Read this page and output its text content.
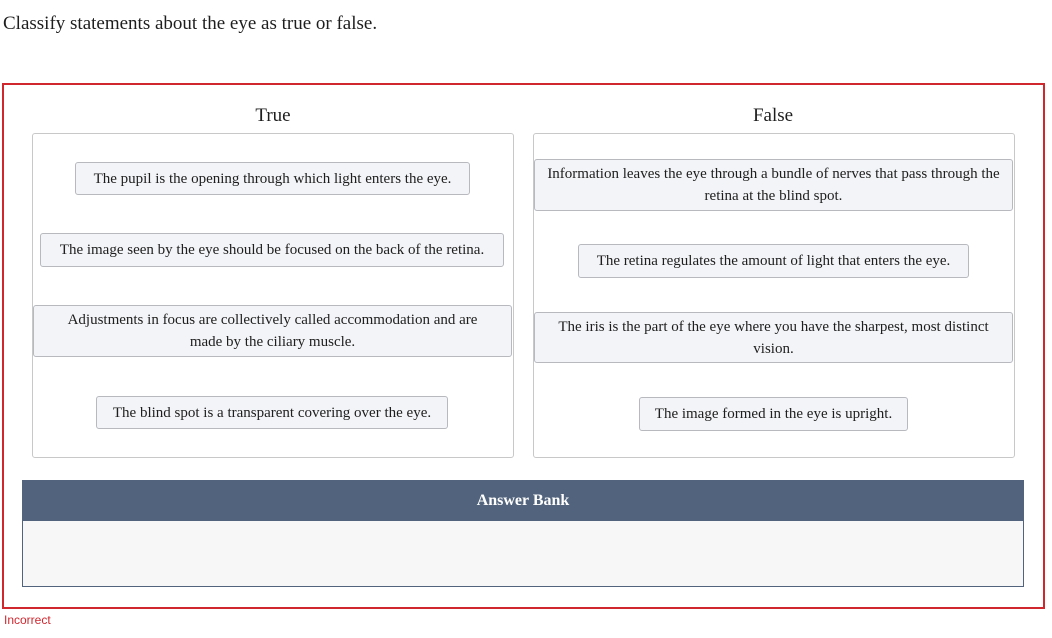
Classify statements about the eye as true or false.
True
The pupil is the opening through which light enters the eye.
The image seen by the eye should be focused on the back of the retina.
Adjustments in focus are collectively called accommodation and are made by the ciliary muscle.
The blind spot is a transparent covering over the eye.
False
Information leaves the eye through a bundle of nerves that pass through the retina at the blind spot.
The retina regulates the amount of light that enters the eye.
The iris is the part of the eye where you have the sharpest, most distinct vision.
The image formed in the eye is upright.
Answer Bank
Incorrect
